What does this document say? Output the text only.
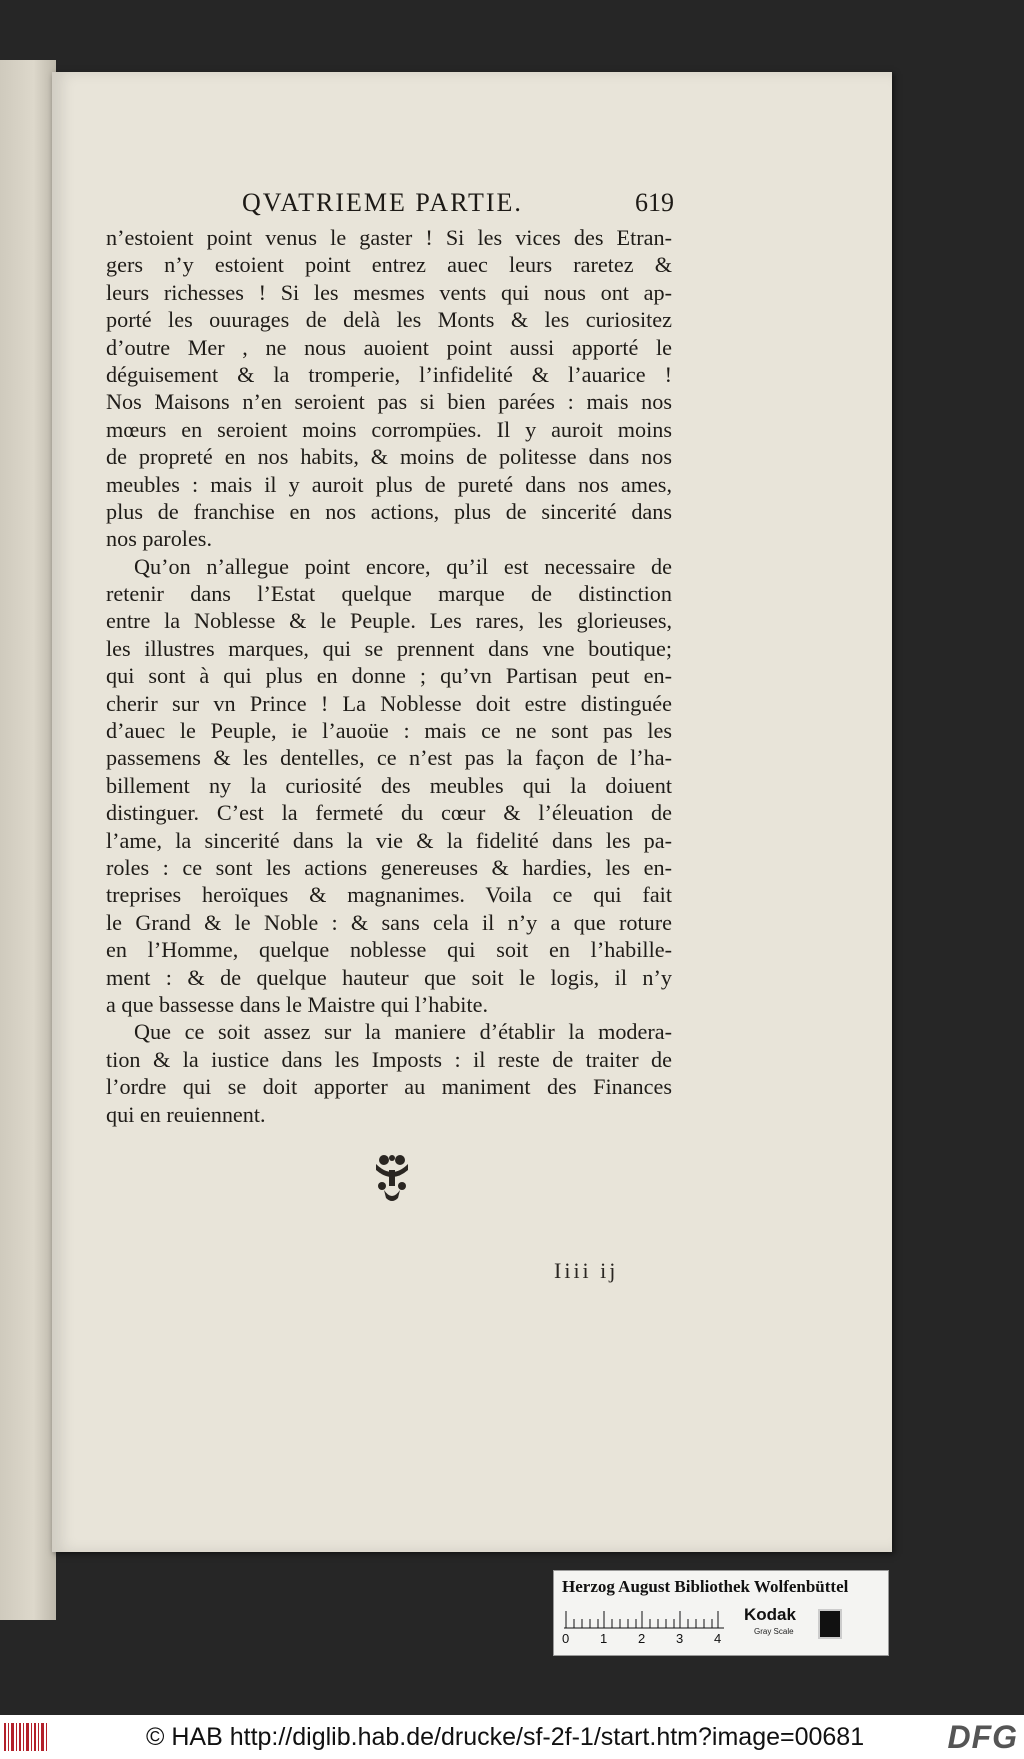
QVATRIEME PARTIE.	619
n’estoient point venus le gaster ! Si les vices des Etran-
gers n’y estoient point entrez auec leurs raretez &
leurs richesses ! Si les mesmes vents qui nous ont ap-
porté les ouurages de delà les Monts & les curiositez
d’outre Mer , ne nous auoient point aussi apporté le
déguisement & la tromperie, l’infidelité & l’auarice !
Nos Maisons n’en seroient pas si bien parées : mais nos
mœurs en seroient moins corrompües. Il y auroit moins
de propreté en nos habits, & moins de politesse dans nos
meubles : mais il y auroit plus de pureté dans nos ames,
plus de franchise en nos actions, plus de sincerité dans
nos paroles.
Qu’on n’allegue point encore, qu’il est necessaire de
retenir dans l’Estat quelque marque de distinction
entre la Noblesse & le Peuple. Les rares, les glorieuses,
les illustres marques, qui se prennent dans vne boutique;
qui sont à qui plus en donne ; qu’vn Partisan peut en-
cherir sur vn Prince ! La Noblesse doit estre distinguée
d’auec le Peuple, ie l’auoüe : mais ce ne sont pas les
passemens & les dentelles, ce n’est pas la façon de l’ha-
billement ny la curiosité des meubles qui la doiuent
distinguer. C’est la fermeté du cœur & l’éleuation de
l’ame, la sincerité dans la vie & la fidelité dans les pa-
roles : ce sont les actions genereuses & hardies, les en-
treprises heroïques & magnanimes. Voila ce qui fait
le Grand & le Noble : & sans cela il n’y a que roture
en l’Homme, quelque noblesse qui soit en l’habille-
ment : & de quelque hauteur que soit le logis, il n’y
a que bassesse dans le Maistre qui l’habite.
Que ce soit assez sur la maniere d’établir la modera-
tion & la iustice dans les Imposts : il reste de traiter de
l’ordre qui se doit apporter au maniment des Finances
qui en reuiennent.
Iiii ij
Herzog August Bibliothek Wolfenbüttel
0 1 2 3 4
Kodak
Gray Scale
© HAB http://diglib.hab.de/drucke/sf-2f-1/start.htm?image=00681	DFG
